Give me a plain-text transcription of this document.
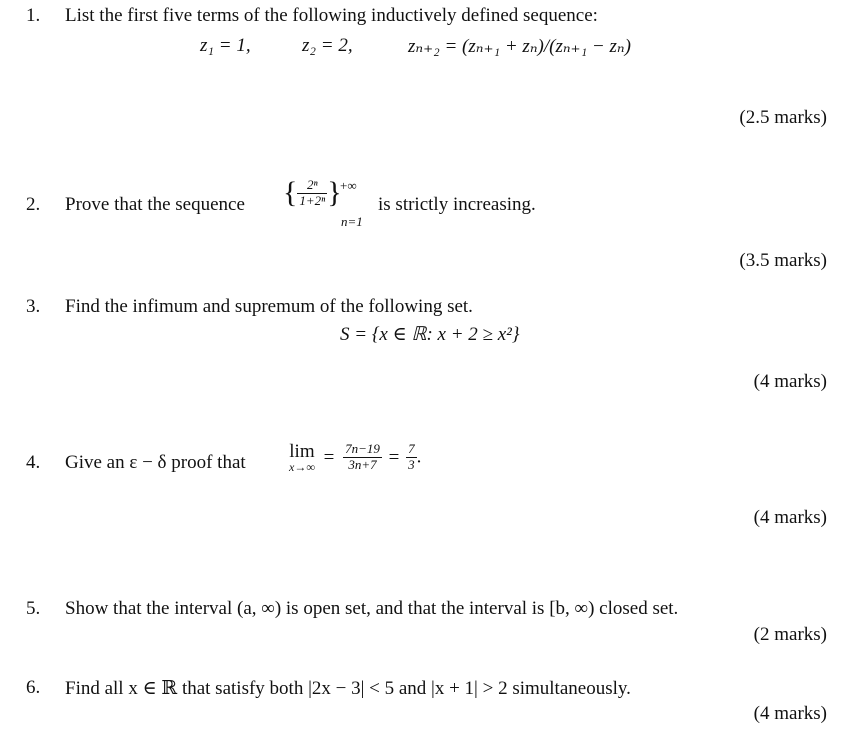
1.	List the first five terms of the following inductively defined sequence:
z₁ = 1,	z₂ = 2,	zₙ₊₂ = (zₙ₊₁ + zₙ)/(zₙ₊₁ − zₙ)
(2.5 marks)
2.	Prove that the sequence { $\frac{\text{2ⁿ}}{\text{1+2ⁿ}}$ }
+∞
n=1
is strictly increasing.
(3.5 marks)
3.	Find the infimum and supremum of the following set.
S = {x ∈ ℝ: x + 2 ≥ x²}
(4 marks)
4.	Give an ε − δ proof that
lim
$x\to\infty = \frac{7n-19}{3n+7} = \frac{7}{3}$ .
(4 marks)
5.	Show that the interval (a, ∞) is open set, and that the interval is [b, ∞) closed set.
(2 marks)
6.	Find all x ∈ ℝ that satisfy both |2x − 3| < 5 and |x + 1| > 2 simultaneously.
(4 marks)
